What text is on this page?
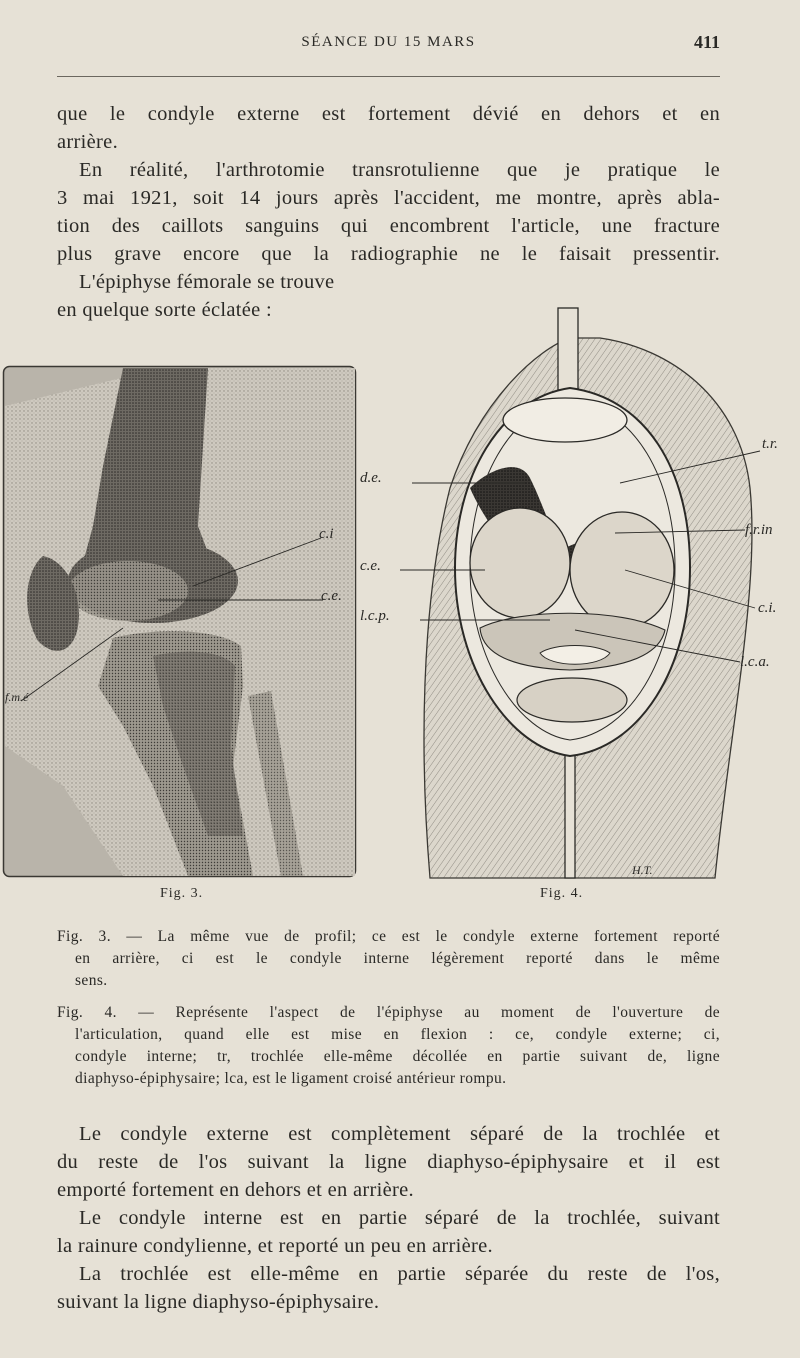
SÉANCE DU 15 MARS	411

que le condyle externe est fortement dévié en dehors et en
arrière.

En réalité, l'arthrotomie transrotulienne que je pratique le
3 mai 1921, soit 14 jours après l'accident, me montre, après abla-
tion des caillots sanguins qui encombrent l'article, une fracture
plus grave encore que la radiographie ne le faisait pressentir.

L'épiphyse fémorale se trouve
en quelque sorte éclatée :

c.i
c.e.
f.m.é
d.e.
c.e.
l.c.p.
t.r.
f.r.in
c.i.
l.c.a.
H.T.
Fig. 3.	Fig. 4.
Fig. 3. — La même vue de profil; ce est le condyle externe fortement reporté
en arrière, ci est le condyle interne légèrement reporté dans le même
sens.
Fig. 4. — Représente l'aspect de l'épiphyse au moment de l'ouverture de
l'articulation, quand elle est mise en flexion : ce, condyle externe; ci,
condyle interne; tr, trochlée elle-même décollée en partie suivant de, ligne
diaphyso-épiphysaire; lca, est le ligament croisé antérieur rompu.

Le condyle externe est complètement séparé de la trochlée et
du reste de l'os suivant la ligne diaphyso-épiphysaire et il est
emporté fortement en dehors et en arrière.

Le condyle interne est en partie séparé de la trochlée, suivant
la rainure condylienne, et reporté un peu en arrière.

La trochlée est elle-même en partie séparée du reste de l'os,
suivant la ligne diaphyso-épiphysaire.
